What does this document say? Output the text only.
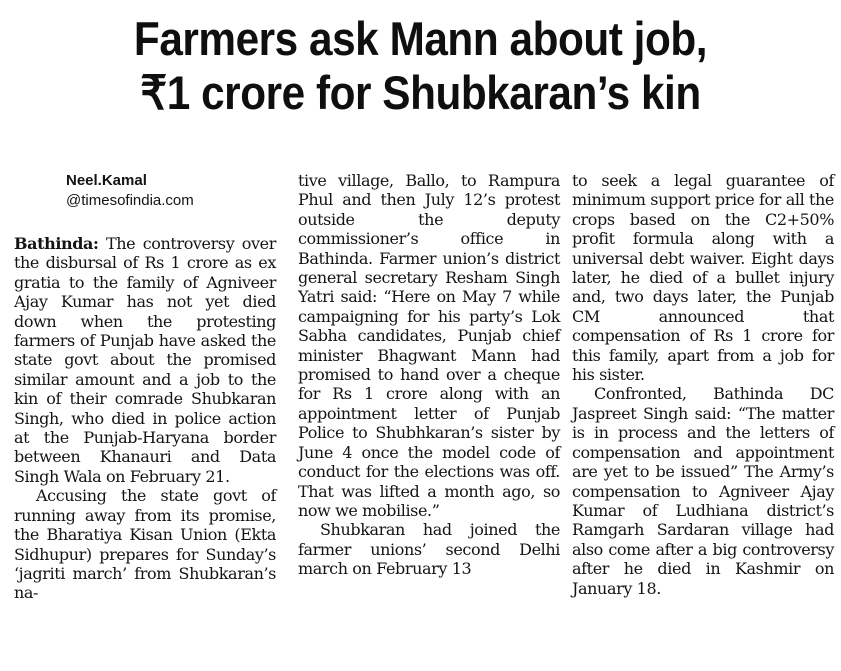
Farmers ask Mann about job,
₹1 crore for Shubkaran’s kin
Neel.Kamal
@timesofindia.com

Bathinda: The controversy over the disbursal of Rs 1 crore as ex gratia to the family of Agniveer Ajay Kumar has not yet died down when the protesting farmers of Punjab have asked the state govt about the promised similar amount and a job to the kin of their comrade Shubkaran Singh, who died in police action at the Punjab-Haryana border between Khanauri and Data Singh Wala on February 21.

Accusing the state govt of running away from its promise, the Bharatiya Kisan Union (Ekta Sidhupur) prepares for Sunday’s ‘jagriti march’ from Shubkaran’s na-

tive village, Ballo, to Rampura Phul and then July 12’s protest outside the deputy commissioner’s office in Bathinda. Farmer union’s district general secretary Resham Singh Yatri said: “Here on May 7 while campaigning for his party’s Lok Sabha candidates, Punjab chief minister Bhagwant Mann had promised to hand over a cheque for Rs 1 crore along with an appointment letter of Punjab Police to Shubhkaran’s sister by June 4 once the model code of conduct for the elections was off. That was lifted a month ago, so now we mobilise.”

Shubkaran had joined the farmer unions’ second Delhi march on February 13

to seek a legal guarantee of minimum support price for all the crops based on the C2+50% profit formula along with a universal debt waiver. Eight days later, he died of a bullet injury and, two days later, the Punjab CM announced that compensation of Rs 1 crore for this family, apart from a job for his sister.

Confronted, Bathinda DC Jaspreet Singh said: “The matter is in process and the letters of compensation and appointment are yet to be issued” The Army’s compensation to Agniveer Ajay Kumar of Ludhiana district’s Ramgarh Sardaran village had also come after a big controversy after he died in Kashmir on January 18.
